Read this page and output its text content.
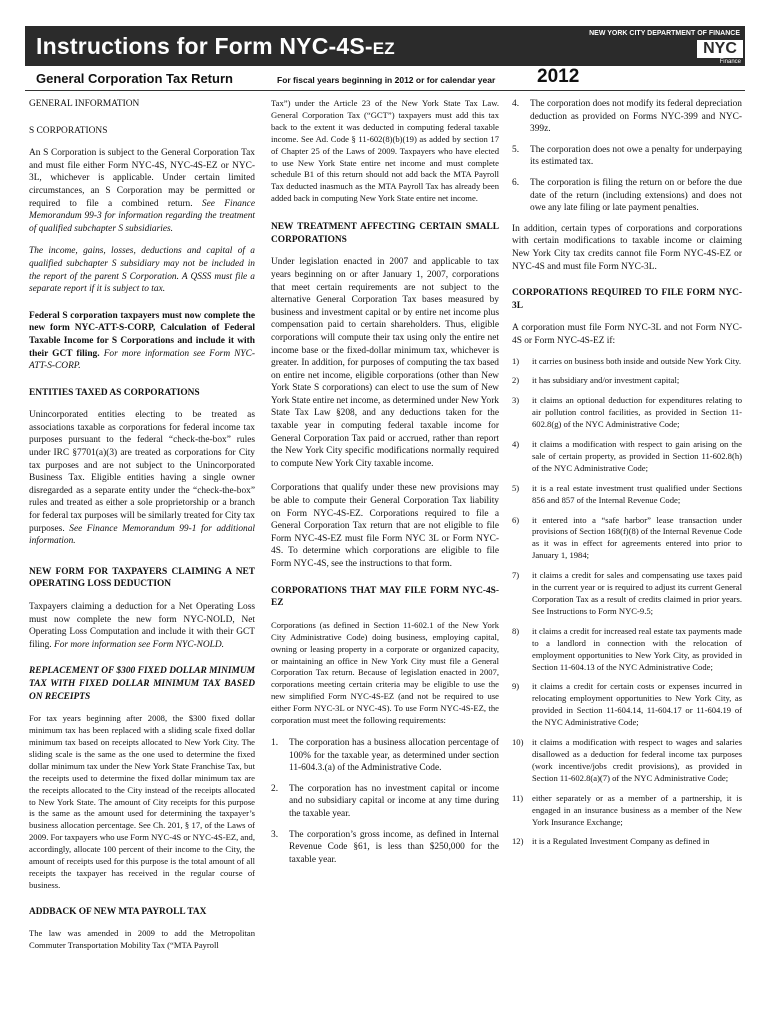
Instructions for Form NYC-4S-EZ
NEW YORK CITY DEPARTMENT OF FINANCE
NYC
Finance
General Corporation Tax Return	For fiscal years beginning in 2012 or for calendar year 2012

GENERAL INFORMATION

S CORPORATIONS

An S Corporation is subject to the General Corporation Tax and must file either Form NYC-4S, NYC-4S-EZ or NYC-3L, whichever is applicable. Under certain limited circumstances, an S Corporation may be permitted or required to file a combined return. See Finance Memorandum 99-3 for information regarding the treatment of qualified subchapter S subsidiaries.

The income, gains, losses, deductions and capital of a qualified subchapter S subsidiary may not be included in the report of the parent S Corporation. A QSSS must file a separate report if it is subject to tax.

Federal S corporation taxpayers must now complete the new form NYC-ATT-S-CORP, Calculation of Federal Taxable Income for S Corporations and include it with their GCT filing. For more information see Form NYC-ATT-S-CORP.

ENTITIES TAXED AS CORPORATIONS

Unincorporated entities electing to be treated as associations taxable as corporations for federal income tax purposes pursuant to the federal “check-the-box” rules under IRC §7701(a)(3) are treated as corporations for City tax purposes and are not subject to the Unincorporated Business Tax. Eligible entities having a single owner disregarded as a separate entity under the “check-the-box” rules and treated as either a sole proprietorship or a branch for federal tax purposes will be similarly treated for City tax purposes. See Finance Memorandum 99-1 for additional information.

NEW FORM FOR TAXPAYERS CLAIMING A NET OPERATING LOSS DEDUCTION

Taxpayers claiming a deduction for a Net Operating Loss must now complete the new form NYC-NOLD, Net Operating Loss Computation and include it with their GCT filing. For more information see Form NYC-NOLD.

REPLACEMENT OF $300 FIXED DOLLAR MINIMUM TAX WITH FIXED DOLLAR MINIMUM TAX BASED ON RECEIPTS

For tax years beginning after 2008, the $300 fixed dollar minimum tax has been replaced with a sliding scale fixed dollar minimum tax based on receipts allocated to New York City. The sliding scale is the same as the one used to determine the fixed dollar minimum tax under the New York State Franchise Tax, but the receipts used to determine the fixed dollar minimum tax are the receipts allocated to the City instead of the receipts allocated to New York State. The amount of City receipts for this purpose is the same as the amount used for determining the taxpayer’s business allocation percentage. See Ch. 201, § 17, of the Laws of 2009. For taxpayers who use Form NYC-4S or NYC-4S-EZ, and, accordingly, allocate 100 percent of their income to the City, the amount of receipts used for this purpose is the total amount of all receipts the taxpayer has received in the regular course of business.

ADDBACK OF NEW MTA PAYROLL TAX

The law was amended in 2009 to add the Metropolitan Commuter Transportation Mobility Tax (“MTA Payroll

Tax”) under the Article 23 of the New York State Tax Law. General Corporation Tax (“GCT”) taxpayers must add this tax back to the extent it was deducted in computing federal taxable income. See Ad. Code § 11-602(8)(b)(19) as added by section 17 of Chapter 25 of the Laws of 2009. Taxpayers who have elected to use New York State entire net income and must complete schedule B1 of this return should not add back the MTA Payroll Tax deducted inasmuch as the MTA Payroll Tax has already been added back in computing New York State entire net income.

NEW TREATMENT AFFECTING CERTAIN SMALL CORPORATIONS

Under legislation enacted in 2007 and applicable to tax years beginning on or after January 1, 2007, corporations that meet certain requirements are not subject to the alternative General Corporation Tax bases measured by business and investment capital or by entire net income plus compensation paid to certain shareholders. Thus, eligible corporations will compute their tax using only the entire net income base or the fixed-dollar minimum tax, whichever is greater. In addition, for purposes of computing the tax based on entire net income, eligible corporations (other than New York State S corporations) can elect to use the sum of New York State entire net income, as determined under New York State Tax Law §208, and any deductions taken for the taxable year in computing federal taxable income for General Corporation Tax paid or accrued, rather than report the New York City specific modifications normally required to compute New York City taxable income.

Corporations that qualify under these new provisions may be able to compute their General Corporation Tax liability on Form NYC-4S-EZ. Corporations required to file a General Corporation Tax return that are not eligible to file Form NYC-4S-EZ must file Form NYC 3L or Form NYC-4S. To determine which corporations are eligible to file Form NYC-4S, see the instructions to that form.

CORPORATIONS THAT MAY FILE FORM NYC-4S-EZ

Corporations (as defined in Section 11-602.1 of the New York City Administrative Code) doing business, employing capital, owning or leasing property in a corporate or organized capacity, or maintaining an office in New York City must file a General Corporation Tax return. Because of legislation enacted in 2007, corporations meeting certain criteria may be eligible to use the new simplified Form NYC-4S-EZ (and not be required to use either Form NYC-3L or NYC-4S). To use Form NYC-4S-EZ, the corporation must meet the following requirements:

1.	The corporation has a business allocation percentage of 100% for the taxable year, as determined under section 11-604.3.(a) of the Administrative Code.
2.	The corporation has no investment capital or income and no subsidiary capital or income at any time during the taxable year.
3.	The corporation’s gross income, as defined in Internal Revenue Code §61, is less than $250,000 for the taxable year.
4.	The corporation does not modify its federal depreciation deduction as provided on Forms NYC-399 and NYC-399z.
5.	The corporation does not owe a penalty for underpaying its estimated tax.
6.	The corporation is filing the return on or before the due date of the return (including extensions) and does not owe any late filing or late payment penalties.

In addition, certain types of corporations and corporations with certain modifications to taxable income or claiming New York City tax credits cannot file Form NYC-4S-EZ or NYC-4S and must file Form NYC-3L.

CORPORATIONS REQUIRED TO FILE FORM NYC-3L

A corporation must file Form NYC-3L and not Form NYC-4S or Form NYC-4S-EZ if:

1)	it carries on business both inside and outside New York City.
2)	it has subsidiary and/or investment capital;
3)	it claims an optional deduction for expenditures relating to air pollution control facilities, as provided in Section 11-602.8(g) of the NYC Administrative Code;
4)	it claims a modification with respect to gain arising on the sale of certain property, as provided in Section 11-602.8(h) of the NYC Administrative Code;
5)	it is a real estate investment trust qualified under Sections 856 and 857 of the Internal Revenue Code;
6)	it entered into a “safe harbor” lease transaction under provisions of Section 168(f)(8) of the Internal Revenue Code as it was in effect for agreements entered into prior to January 1, 1984;
7)	it claims a credit for sales and compensating use taxes paid in the current year or is required to adjust its current General Corporation Tax as a result of credits claimed in prior years. See Instructions to Form NYC-9.5;
8)	it claims a credit for increased real estate tax payments made to a landlord in connection with the relocation of employment opportunities to New York City, as provided in Section 11-604.13 of the NYC Administrative Code;
9)	it claims a credit for certain costs or expenses incurred in relocating employment opportunities to New York City, as provided in Section 11-604.14, 11-604.17 or 11-604.19 of the NYC Administrative Code;
10) it claims a modification with respect to wages and salaries disallowed as a deduction for federal income tax purposes (work incentive/jobs credit provisions), as provided in Section 11-602.8(a)(7) of the NYC Administrative Code;
11)	either separately or as a member of a partnership, it is engaged in an insurance business as a member of the New York Insurance Exchange;
12) it is a Regulated Investment Company as defined in
